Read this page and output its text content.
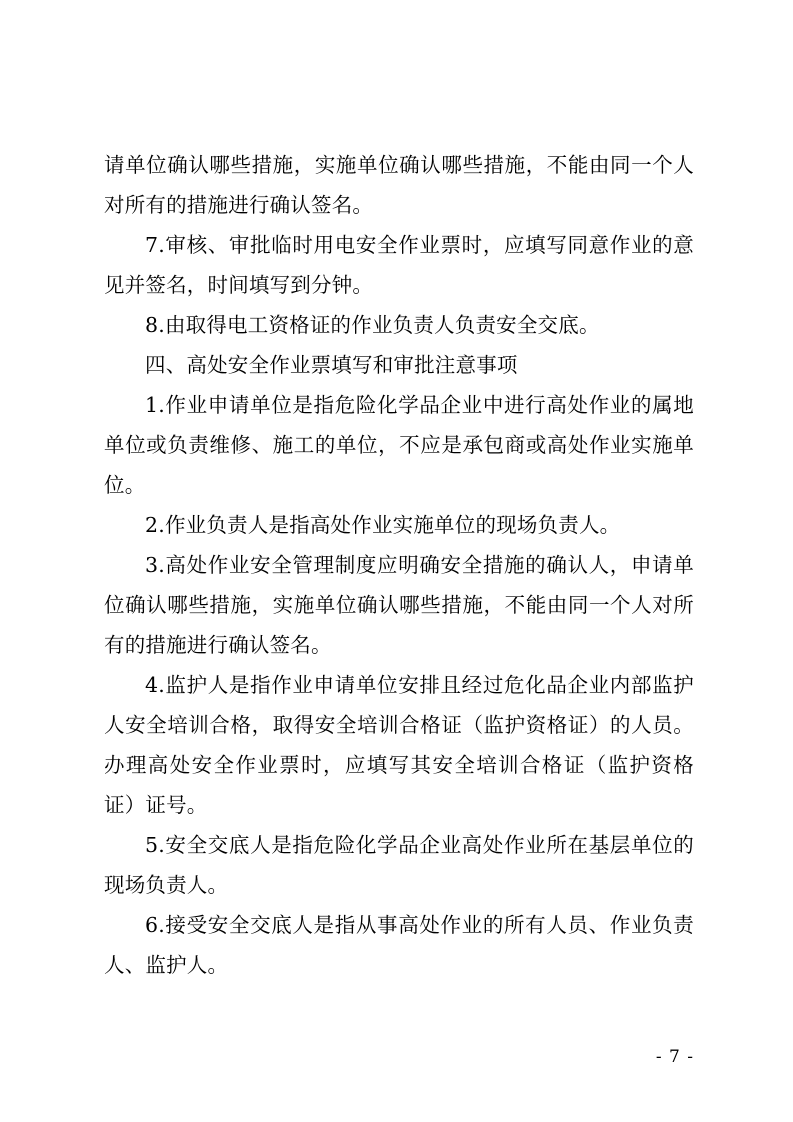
请单位确认哪些措施，实施单位确认哪些措施，不能由同一个人对所有的措施进行确认签名。

7.审核、审批临时用电安全作业票时，应填写同意作业的意见并签名，时间填写到分钟。

8.由取得电工资格证的作业负责人负责安全交底。

四、高处安全作业票填写和审批注意事项

1.作业申请单位是指危险化学品企业中进行高处作业的属地单位或负责维修、施工的单位，不应是承包商或高处作业实施单位。

2.作业负责人是指高处作业实施单位的现场负责人。

3.高处作业安全管理制度应明确安全措施的确认人，申请单位确认哪些措施，实施单位确认哪些措施，不能由同一个人对所有的措施进行确认签名。

4.监护人是指作业申请单位安排且经过危化品企业内部监护人安全培训合格，取得安全培训合格证（监护资格证）的人员。办理高处安全作业票时，应填写其安全培训合格证（监护资格证）证号。

5.安全交底人是指危险化学品企业高处作业所在基层单位的现场负责人。

6.接受安全交底人是指从事高处作业的所有人员、作业负责人、监护人。

- 7 -
